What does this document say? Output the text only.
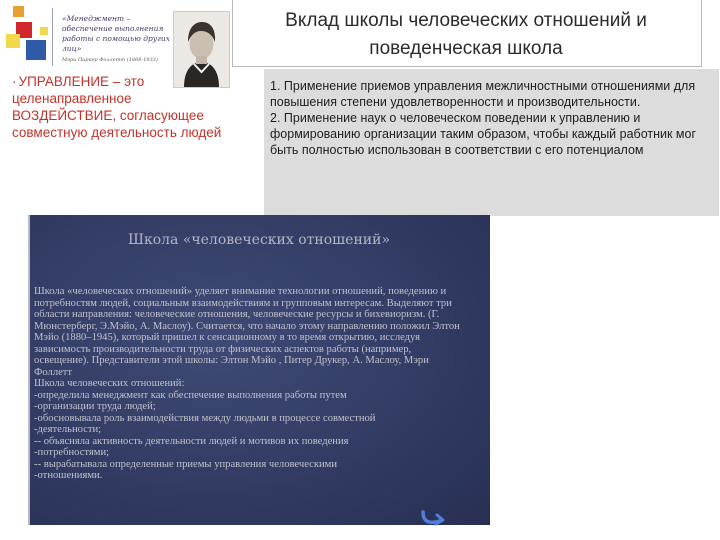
«Менеджмент – обеспечение выполнения работы с помощью других лиц»
Мэри Паркер Фоллетт (1868-1933)
· УПРАВЛЕНИЕ – это целенаправленное ВОЗДЕЙСТВИЕ, согласующее совместную деятельность людей
Вклад школы человеческих отношений и поведенческая школа

1. Применение приемов управления межличностными отношениями для повышения степени удовлетворенности и производительности.

2. Применение наук о человеческом поведении к управлению и формированию организации таким образом, чтобы каждый работник мог быть полностью использован в соответствии с его потенциалом

Школа «человеческих отношений»

Школа «человеческих отношений» уделяет внимание технологии отношений, поведению и потребностям людей, социальным взаимодействиям и групповым интересам. Выделяют три области направления: человеческие отношения, человеческие ресурсы и бихевиоризм. (Г. Мюнстерберг, Э.Мэйо, А. Маслоу). Считается, что начало этому направлению положил Элтон Мэйо (1880–1945), который пришел к сенсационному в то время открытию, исследуя зависимость производительности труда от физических аспектов работы (например, освещение). Представители этой школы: Элтон Мэйо , Питер Друкер, А. Маслоу, Мэри Фоллетт

Школа человеческих отношений:

-определила менеджмент как обеспечение выполнения работы путем
-организации труда людей;
-обосновывала роль взаимодействия между людьми в процессе совместной
-деятельности;
-- объясняла активность деятельности людей и мотивов их поведения
-потребностями;
-- вырабатывала определенные приемы управления человеческими
-отношениями.
